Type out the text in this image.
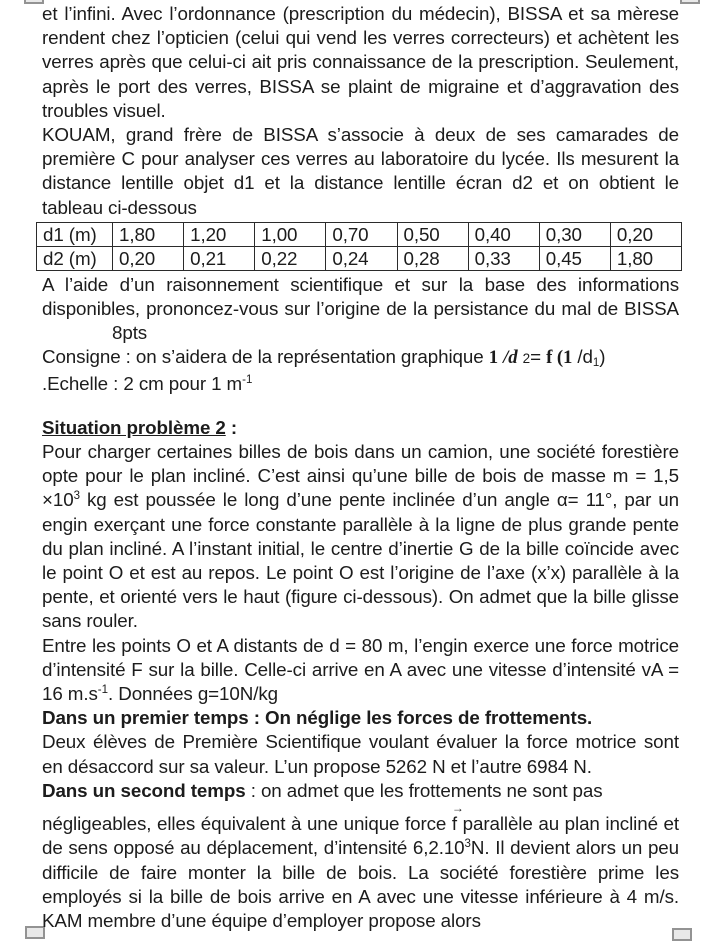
et l’infini. Avec l’ordonnance (prescription du médecin), BISSA et sa mèrese rendent chez l’opticien (celui qui vend les verres correcteurs) et achètent les verres après que celui-ci ait pris connaissance de la prescription. Seulement, après le port des verres, BISSA se plaint de migraine et d’aggravation des troubles visuel.

KOUAM, grand frère de BISSA s’associe à deux de ses camarades de première C pour analyser ces verres au laboratoire du lycée. Ils mesurent la distance lentille objet d1 et la distance lentille écran d2 et on obtient le tableau ci-dessous

d1 (m)	1,80	1,20	1,00	0,70	0,50	0,40	0,30	0,20
d2 (m)	0,20	0,21	0,22	0,24	0,28	0,33	0,45	1,80

A l’aide d’un raisonnement scientifique et sur la base des informations disponibles, prononcez-vous sur l’origine de la persistance du mal de BISSA8pts

Consigne : on s’aidera de la représentation graphique 1 /d 2= f (1 /d1)

.Echelle : 2 cm pour 1 $m^{-1}$

Situation problème 2 :

Pour charger certaines billes de bois dans un camion, une société forestière opte pour le plan incliné. C’est ainsi qu’une bille de bois de masse $m = 1,5 \times 10^3$ kg est poussée le long d’une pente inclinée d’un angle α= 11°, par un engin exerçant une force constante parallèle à la ligne de plus grande pente du plan incliné. A l’instant initial, le centre d’inertie G de la bille coïncide avec le point O et est au repos. Le point O est l’origine de l’axe (x’x) parallèle à la pente, et orienté vers le haut (figure ci-dessous). On admet que la bille glisse sans rouler.

Entre les points O et A distants de d = 80 m, l’engin exerce une force motrice d’intensité F sur la bille. Celle-ci arrive en A avec une vitesse d’intensité vA = 16 $m.s^{-1}$. Données g=10N/kg

Dans un premier temps : On néglige les forces de frottements.

Deux élèves de Première Scientifique voulant évaluer la force motrice sont en désaccord sur sa valeur. L’un propose 5262 N et l’autre 6984 N.

Dans un second temps : on admet que les frottements ne sont pas

négligeables, elles équivalent à une unique force
→
f parallèle au plan incliné et de sens opposé au déplacement, d’intensité 6,2.10$^3$N. Il devient alors un peu difficile de faire monter la bille de bois. La société forestière prime les employés si la bille de bois arrive en A avec une vitesse inférieure à 4 m/s. KAM membre d’une équipe d’employer propose alors
